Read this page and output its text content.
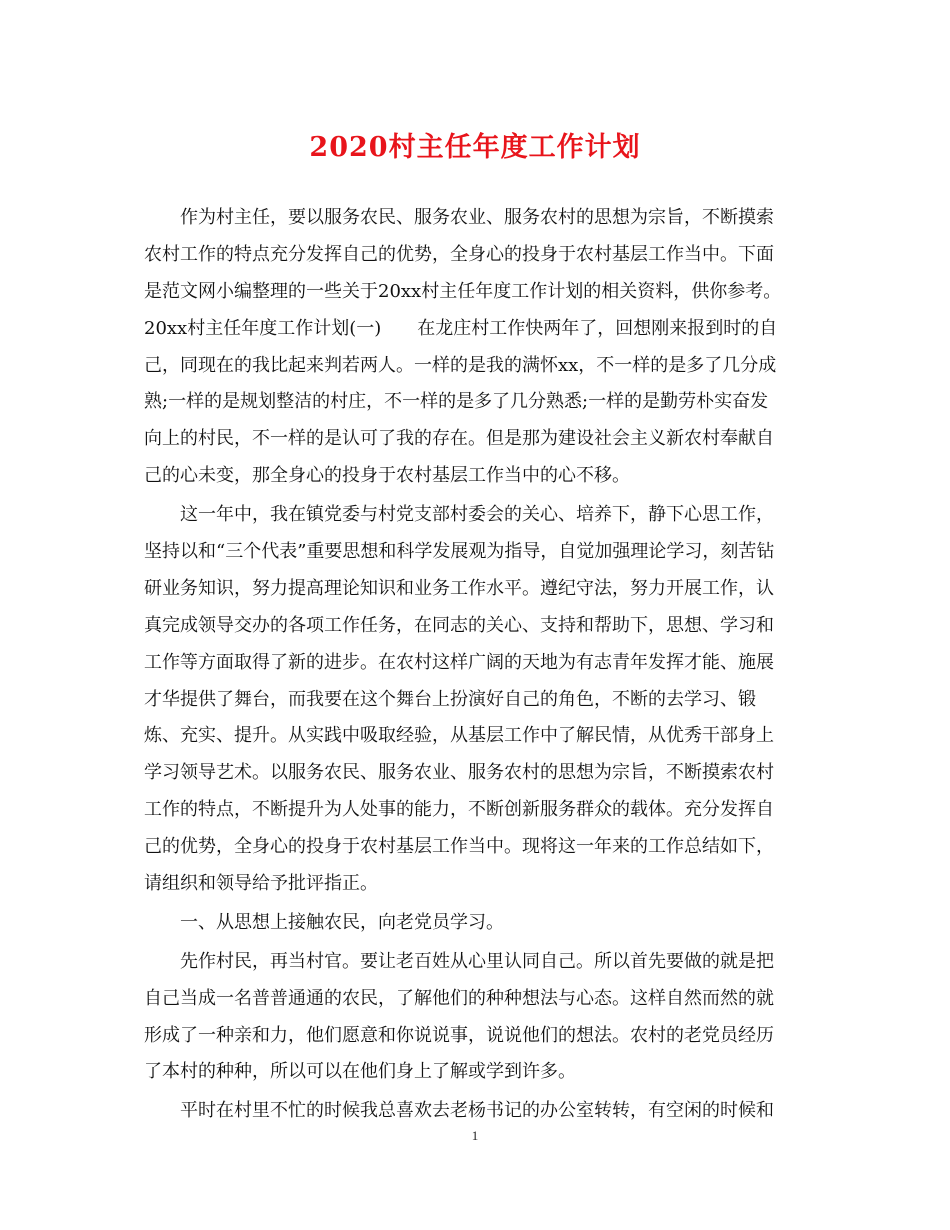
2020村主任年度工作计划
作为村主任，要以服务农民、服务农业、服务农村的思想为宗旨，不断摸索
农村工作的特点充分发挥自己的优势，全身心的投身于农村基层工作当中。下面
是范文网小编整理的一些关于20xx村主任年度工作计划的相关资料，供你参考。
20xx村主任年度工作计划(一)　　在龙庄村工作快两年了，回想刚来报到时的自
己，同现在的我比起来判若两人。一样的是我的满怀xx，不一样的是多了几分成
熟;一样的是规划整洁的村庄，不一样的是多了几分熟悉;一样的是勤劳朴实奋发
向上的村民，不一样的是认可了我的存在。但是那为建设社会主义新农村奉献自
己的心未变，那全身心的投身于农村基层工作当中的心不移。
这一年中，我在镇党委与村党支部村委会的关心、培养下，静下心思工作，
坚持以和“三个代表”重要思想和科学发展观为指导，自觉加强理论学习，刻苦钻
研业务知识，努力提高理论知识和业务工作水平。遵纪守法，努力开展工作，认
真完成领导交办的各项工作任务，在同志的关心、支持和帮助下，思想、学习和
工作等方面取得了新的进步。在农村这样广阔的天地为有志青年发挥才能、施展
才华提供了舞台，而我要在这个舞台上扮演好自己的角色，不断的去学习、锻
炼、充实、提升。从实践中吸取经验，从基层工作中了解民情，从优秀干部身上
学习领导艺术。以服务农民、服务农业、服务农村的思想为宗旨，不断摸索农村
工作的特点，不断提升为人处事的能力，不断创新服务群众的载体。充分发挥自
己的优势，全身心的投身于农村基层工作当中。现将这一年来的工作总结如下，
请组织和领导给予批评指正。
一、从思想上接触农民，向老党员学习。
先作村民，再当村官。要让老百姓从心里认同自己。所以首先要做的就是把
自己当成一名普普通通的农民，了解他们的种种想法与心态。这样自然而然的就
形成了一种亲和力，他们愿意和你说说事，说说他们的想法。农村的老党员经历
了本村的种种，所以可以在他们身上了解或学到许多。
平时在村里不忙的时候我总喜欢去老杨书记的办公室转转，有空闲的时候和
1
